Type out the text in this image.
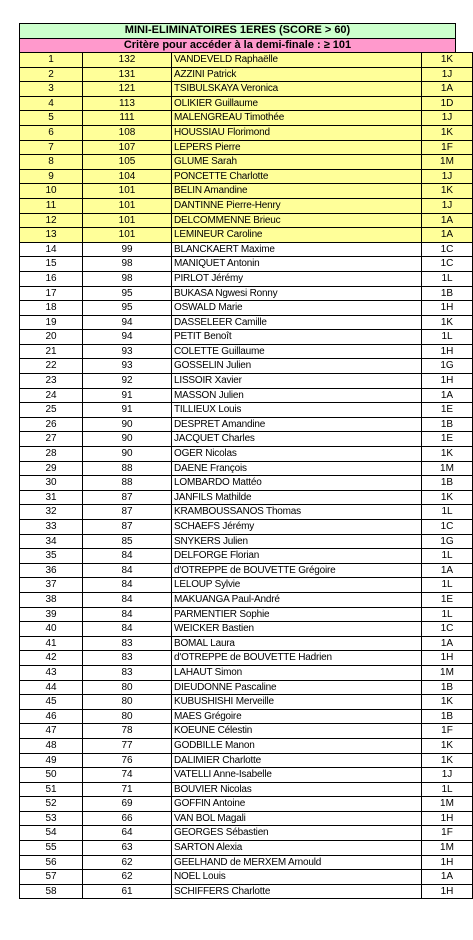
MINI-ELIMINATOIRES 1ERES (SCORE > 60)
Critère pour accéder à la demi-finale : ≥ 101
1	132	VANDEVELD Raphaëlle	1K
2	131	AZZINI Patrick	1J
3	121	TSIBULSKAYA Veronica	1A
4	113	OLIKIER Guillaume	1D
5	111	MALENGREAU Timothée	1J
6	108	HOUSSIAU Florimond	1K
7	107	LEPERS Pierre	1F
8	105	GLUME Sarah	1M
9	104	PONCETTE Charlotte	1J
10	101	BELIN Amandine	1K
11	101	DANTINNE Pierre-Henry	1J
12	101	DELCOMMENNE Brieuc	1A
13	101	LEMINEUR Caroline	1A
14	99	BLANCKAERT Maxime	1C
15	98	MANIQUET Antonin	1C
16	98	PIRLOT Jérémy	1L
17	95	BUKASA Ngwesi Ronny	1B
18	95	OSWALD Marie	1H
19	94	DASSELEER Camille	1K
20	94	PETIT Benoît	1L
21	93	COLETTE Guillaume	1H
22	93	GOSSELIN Julien	1G
23	92	LISSOIR Xavier	1H
24	91	MASSON Julien	1A
25	91	TILLIEUX Louis	1E
26	90	DESPRET Amandine	1B
27	90	JACQUET Charles	1E
28	90	OGER Nicolas	1K
29	88	DAENE François	1M
30	88	LOMBARDO Mattéo	1B
31	87	JANFILS Mathilde	1K
32	87	KRAMBOUSSANOS Thomas	1L
33	87	SCHAEFS Jérémy	1C
34	85	SNYKERS Julien	1G
35	84	DELFORGE Florian	1L
36	84	d'OTREPPE de BOUVETTE Grégoire	1A
37	84	LELOUP Sylvie	1L
38	84	MAKUANGA Paul-André	1E
39	84	PARMENTIER Sophie	1L
40	84	WEICKER Bastien	1C
41	83	BOMAL Laura	1A
42	83	d'OTREPPE de BOUVETTE Hadrien	1H
43	83	LAHAUT Simon	1M
44	80	DIEUDONNE Pascaline	1B
45	80	KUBUSHISHI Merveille	1K
46	80	MAES Grégoire	1B
47	78	KOEUNE Célestin	1F
48	77	GODBILLE Manon	1K
49	76	DALIMIER Charlotte	1K
50	74	VATELLI Anne-Isabelle	1J
51	71	BOUVIER Nicolas	1L
52	69	GOFFIN Antoine	1M
53	66	VAN BOL Magali	1H
54	64	GEORGES Sébastien	1F
55	63	SARTON Alexia	1M
56	62	GEELHAND de MERXEM Arnould	1H
57	62	NOEL Louis	1A
58	61	SCHIFFERS Charlotte	1H
